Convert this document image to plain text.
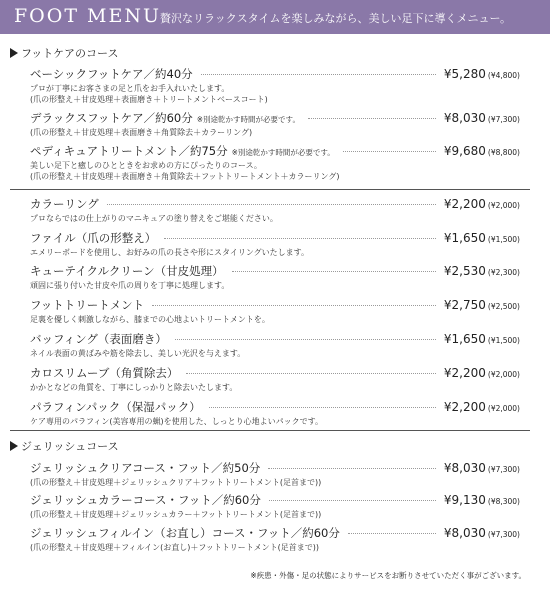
FOOT MENU
贅沢なリラックスタイムを楽しみながら、美しい足下に導くメニュー。
フットケアのコース
ベーシックフットケア／約40分	¥5,280 (¥4,800)
プロが丁寧にお客さまの足と爪をお手入れいたします。
(爪の形整え＋甘皮処理＋表面磨き＋トリートメントベースコート)
デラックスフットケア／約60分 ※別途乾かす時間が必要です。	¥8,030 (¥7,300)
(爪の形整え＋甘皮処理＋表面磨き＋角質除去＋カラーリング)
ペディキュアトリートメント／約75分 ※別途乾かす時間が必要です。	¥9,680 (¥8,800)
美しい足下と癒しのひとときをお求めの方にぴったりのコース。
(爪の形整え＋甘皮処理＋表面磨き＋角質除去＋フットトリートメント＋カラーリング)
カラーリング	¥2,200 (¥2,000)
プロならではの仕上がりのマニキュアの塗り替えをご堪能ください。
ファイル（爪の形整え）	¥1,650 (¥1,500)
エメリーボードを使用し、お好みの爪の長さや形にスタイリングいたします。
キューテイクルクリーン（甘皮処理）	¥2,530 (¥2,300)
頑固に張り付いた甘皮や爪の周りを丁寧に処理します。
フットトリートメント	¥2,750 (¥2,500)
足裏を優しく刺激しながら、膝までの心地よいトリートメントを。
バッフィング（表面磨き）	¥1,650 (¥1,500)
ネイル表面の黄ばみや筋を除去し、美しい光沢を与えます。
カロスリムーブ（角質除去）	¥2,200 (¥2,000)
かかとなどの角質を、丁寧にしっかりと除去いたします。
パラフィンパック（保湿パック）	¥2,200 (¥2,000)
ケア専用のパラフィン(美容専用の蝋)を使用した、しっとり心地よいパックです。
ジェリッシュコース
ジェリッシュクリアコース・フット／約50分	¥8,030 (¥7,300)
(爪の形整え＋甘皮処理＋ジェリッシュクリア＋フットトリートメント(足首まで))
ジェリッシュカラーコース・フット／約60分	¥9,130 (¥8,300)
(爪の形整え＋甘皮処理＋ジェリッシュカラー＋フットトリートメント(足首まで))
ジェリッシュフィルイン（お直し）コース・フット／約60分	¥8,030 (¥7,300)
(爪の形整え＋甘皮処理＋フィルイン(お直し)＋フットトリートメント(足首まで))
※疾患・外傷・足の状態によりサービスをお断りさせていただく事がございます。
